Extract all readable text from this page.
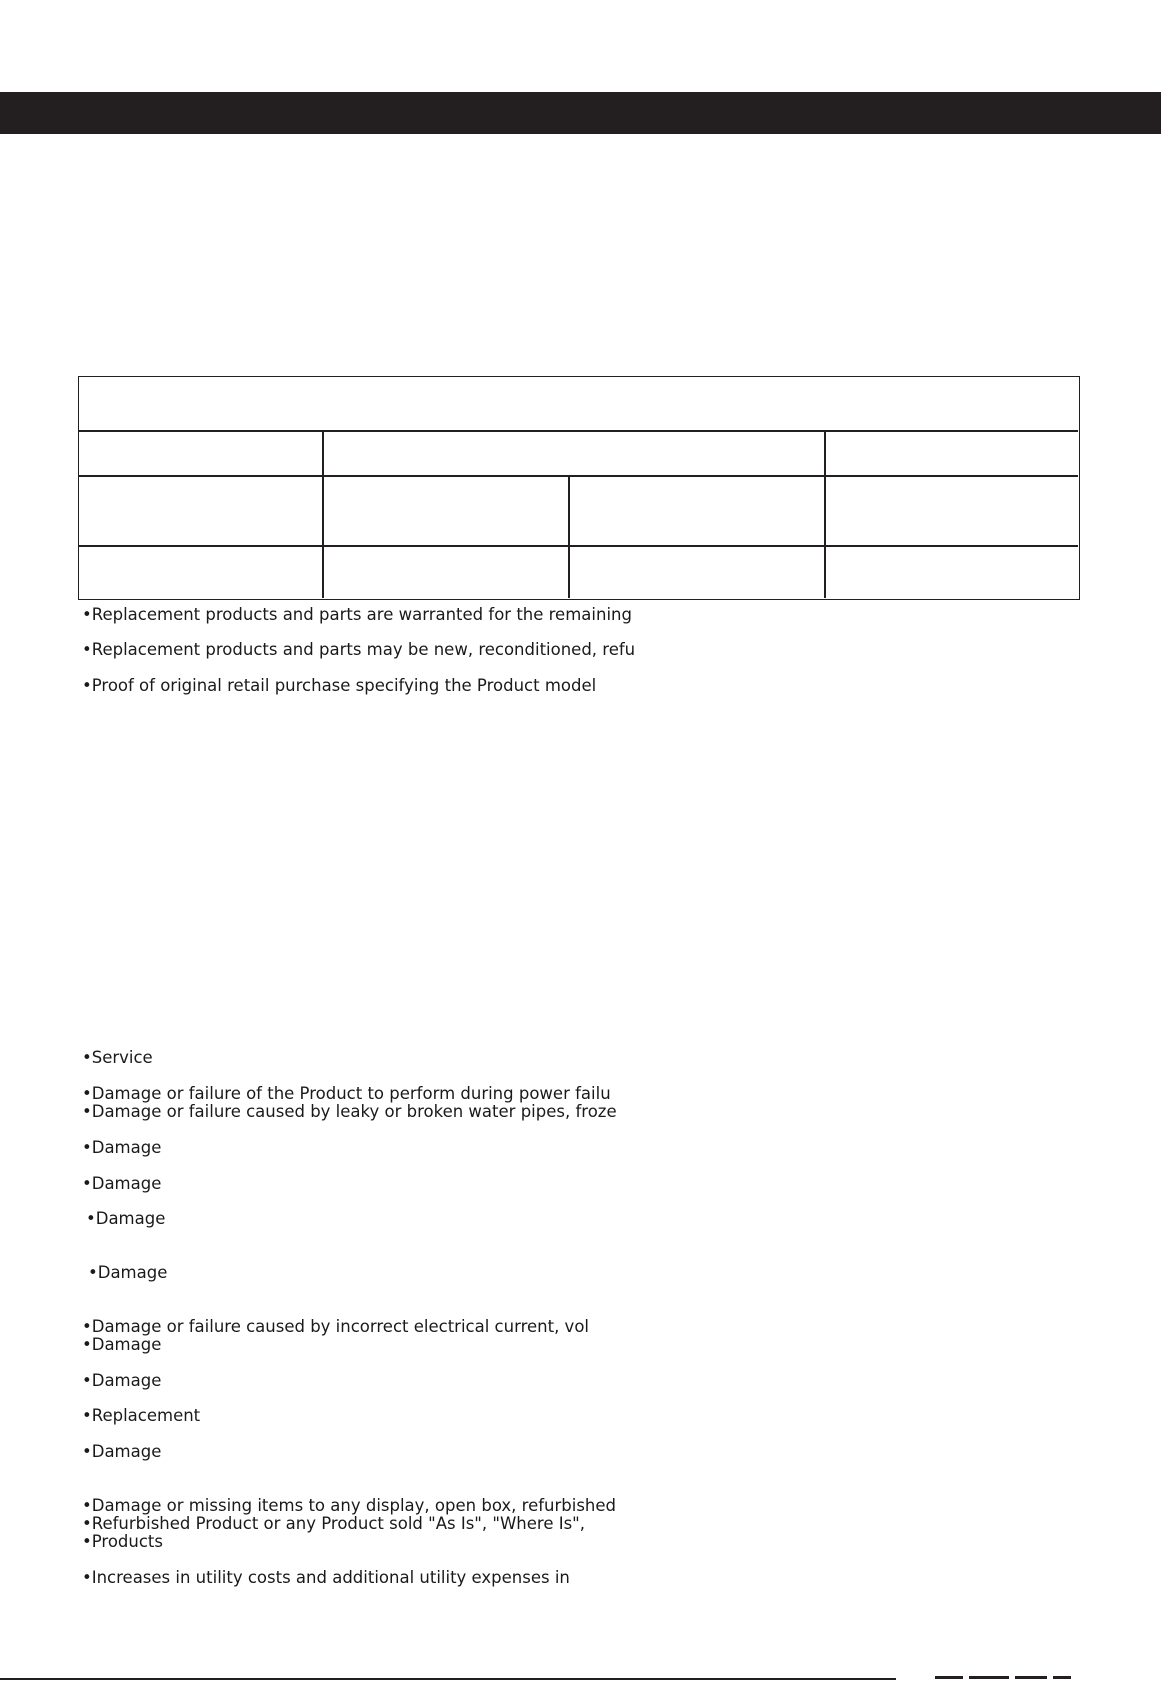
•Replacement products and parts are warranted for the remaining

•Replacement products and parts may be new, reconditioned, refu

•Proof of original retail purchase specifying the Product model

•Service

•Damage or failure of the Product to perform during power failu

•Damage or failure caused by leaky or broken water pipes, froze

•Damage

•Damage

•Damage

•Damage

•Damage or failure caused by incorrect electrical current, vol

•Damage

•Damage

•Replacement

•Damage

•Damage or missing items to any display, open box, refurbished

•Refurbished Product or any Product sold "As Is", "Where Is",

•Products

•Increases in utility costs and additional utility expenses in
